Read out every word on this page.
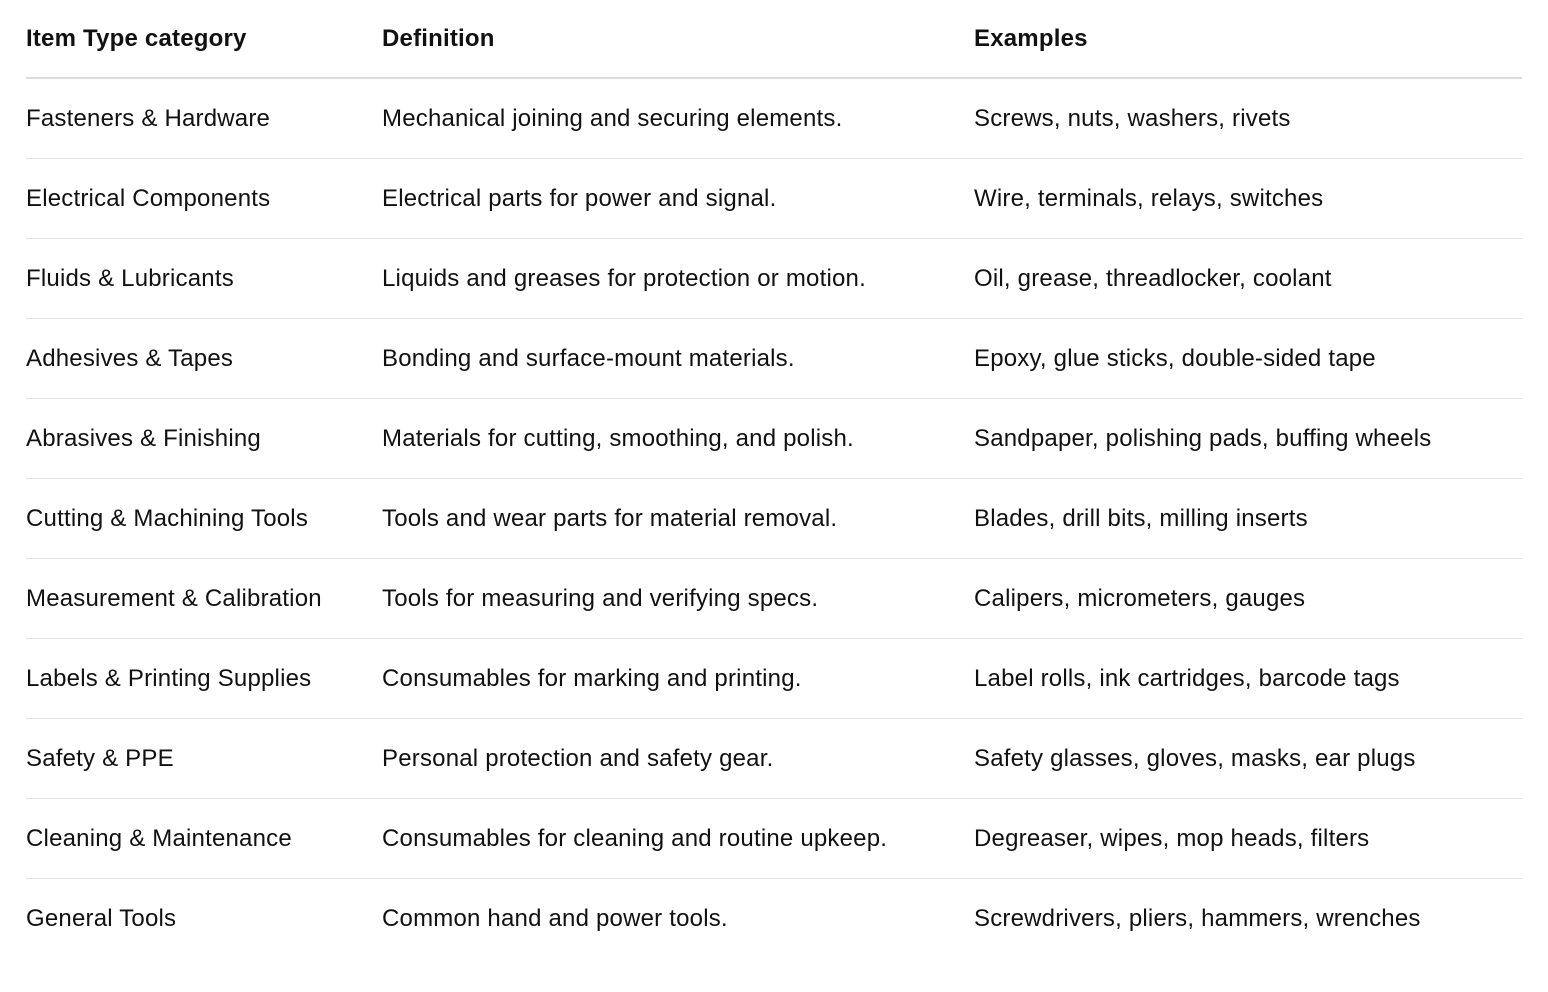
Item Type category	Definition	Examples
Fasteners & Hardware	Mechanical joining and securing elements.	Screws, nuts, washers, rivets
Electrical Components	Electrical parts for power and signal.	Wire, terminals, relays, switches
Fluids & Lubricants	Liquids and greases for protection or motion.	Oil, grease, threadlocker, coolant
Adhesives & Tapes	Bonding and surface-mount materials.	Epoxy, glue sticks, double-sided tape
Abrasives & Finishing	Materials for cutting, smoothing, and polish.	Sandpaper, polishing pads, buffing wheels
Cutting & Machining Tools	Tools and wear parts for material removal.	Blades, drill bits, milling inserts
Measurement & Calibration	Tools for measuring and verifying specs.	Calipers, micrometers, gauges
Labels & Printing Supplies	Consumables for marking and printing.	Label rolls, ink cartridges, barcode tags
Safety & PPE	Personal protection and safety gear.	Safety glasses, gloves, masks, ear plugs
Cleaning & Maintenance	Consumables for cleaning and routine upkeep.	Degreaser, wipes, mop heads, filters
General Tools	Common hand and power tools.	Screwdrivers, pliers, hammers, wrenches
